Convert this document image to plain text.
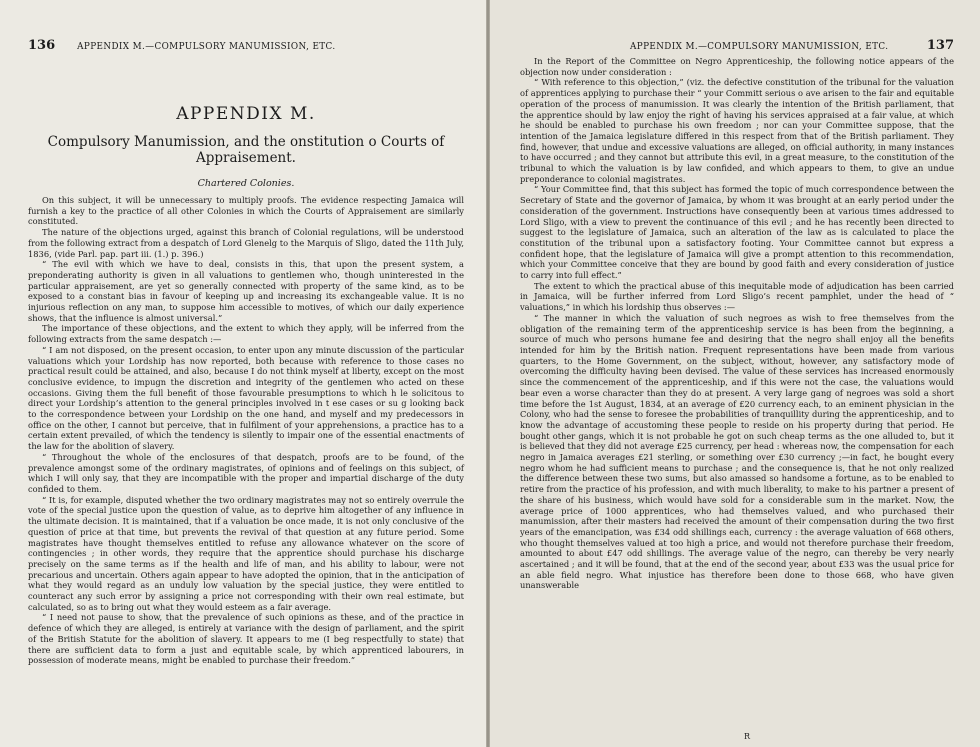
136	APPENDIX M.—COMPULSORY MANUMISSION, ETC.
APPENDIX M.
Compulsory Manumission, and the onstitution o Courts of Appraisement.
Chartered Colonies.

On this subject, it will be unnecessary to multiply proofs. The evidence respecting Jamaica will furnish a key to the practice of all other Colonies in which the Courts of Appraisement are similarly constituted.

The nature of the objections urged, against this branch of Colonial regulations, will be understood from the following extract from a despatch of Lord Glenelg to the Marquis of Sligo, dated the 11th July, 1836, (vide Parl. pap. part iii. (1.) p. 396.)

“ The evil with which we have to deal, consists in this, that upon the present system, a preponderating authority is given in all valuations to gentlemen who, though uninterested in the particular appraisement, are yet so generally connected with property of the same kind, as to be exposed to a constant bias in favour of keeping up and increasing its exchangeable value. It is no injurious reflection on any man, to suppose him accessible to motives, of which our daily experience shows, that the influence is almost universal.”

The importance of these objections, and the extent to which they apply, will be inferred from the following extracts from the same despatch :—

“ I am not disposed, on the present occasion, to enter upon any minute discussion of the particular valuations which your Lordship has now reported, both because with reference to those cases no practical result could be attained, and also, because I do not think myself at liberty, except on the most conclusive evidence, to impugn the discretion and integrity of the gentlemen who acted on these occasions. Giving them the full benefit of those favourable presumptions to which h le solicitous to direct your Lordship’s attention to the general principles involved in t ese cases or su g looking back to the correspondence between your Lordship on the one hand, and myself and my predecessors in office on the other, I cannot but perceive, that in fulfilment of your apprehensions, a practice has to a certain extent prevailed, of which the tendency is silently to impair one of the essential enactments of the law for the abolition of slavery.

“ Throughout the whole of the enclosures of that despatch, proofs are to be found, of the prevalence amongst some of the ordinary magistrates, of opinions and of feelings on this subject, of which I will only say, that they are incompatible with the proper and impartial discharge of the duty confided to them.

“ It is, for example, disputed whether the two ordinary magistrates may not so entirely overrule the vote of the special justice upon the question of value, as to deprive him altogether of any influence in the ultimate decision. It is maintained, that if a valuation be once made, it is not only conclusive of the question of price at that time, but prevents the revival of that question at any future period. Some magistrates have thought themselves entitled to refuse any allowance whatever on the score of contingencies ; in other words, they require that the apprentice should purchase his discharge precisely on the same terms as if the health and life of man, and his ability to labour, were not precarious and uncertain. Others again appear to have adopted the opinion, that in the anticipation of what they would regard as an unduly low valuation by the special justice, they were entitled to counteract any such error by assigning a price not corresponding with their own real estimate, but calculated, so as to bring out what they would esteem as a fair average.

“ I need not pause to show, that the prevalence of such opinions as these, and of the practice in defence of which they are alleged, is entirely at variance with the design of parliament, and the spirit of the British Statute for the abolition of slavery. It appears to me (I beg respectfully to state) that there are sufficient data to form a just and equitable scale, by which apprenticed labourers, in possession of moderate means, might be enabled to purchase their freedom.”

APPENDIX M.—COMPULSORY MANUMISSION, ETC.	137

In the Report of the Committee on Negro Apprenticeship, the following notice appears of the objection now under consideration :

“ With reference to this objection,” (viz. the defective constitution of the tribunal for the valuation of apprentices applying to purchase their “ your Committ serious o ave arisen to the fair and equitable operation of the process of manumission. It was clearly the intention of the British parliament, that the apprentice should by law enjoy the right of having his services appraised at a fair value, at which he should be enabled to purchase his own freedom ; nor can your Committee suppose, that the intention of the Jamaica legislature differed in this respect from that of the British parliament. They find, however, that undue and excessive valuations are alleged, on official authority, in many instances to have occurred ; and they cannot but attribute this evil, in a great measure, to the constitution of the tribunal to which the valuation is by law confided, and which appears to them, to give an undue preponderance to colonial magistrates.

“ Your Committee find, that this subject has formed the topic of much correspondence between the Secretary of State and the governor of Jamaica, by whom it was brought at an early period under the consideration of the government. Instructions have consequently been at various times addressed to Lord Sligo, with a view to prevent the continuance of this evil ; and he has recently been directed to suggest to the legislature of Jamaica, such an alteration of the law as is calculated to place the constitution of the tribunal upon a satisfactory footing. Your Committee cannot but express a confident hope, that the legislature of Jamaica will give a prompt attention to this recommendation, which your Committee conceive that they are bound by good faith and every consideration of justice to carry into full effect.”

The extent to which the practical abuse of this inequitable mode of adjudication has been carried in Jamaica, will be further inferred from Lord Sligo’s recent pamphlet, under the head of “ valuations,” in which his lordship thus observes :—

“ The manner in which the valuation of such negroes as wish to free themselves from the obligation of the remaining term of the apprenticeship service is has been from the beginning, a source of much who persons humane fee and desiring that the negro shall enjoy all the benefits intended for him by the British nation. Frequent representations have been made from various quarters, to the Home Government, on the subject, without, however, any satisfactory mode of overcoming the difficulty having been devised. The value of these services has increased enormously since the commencement of the apprenticeship, and if this were not the case, the valuations would bear even a worse character than they do at present. A very large gang of negroes was sold a short time before the 1st August, 1834, at an average of £20 currency each, to an eminent physician in the Colony, who had the sense to foresee the probabilities of tranquillity during the apprenticeship, and to know the advantage of accustoming these people to reside on his property during that period. He bought other gangs, which it is not probable he got on such cheap terms as the one alluded to, but it is believed that they did not average £25 currency, per head : whereas now, the compensation for each negro in Jamaica averages £21 sterling, or something over £30 currency ;—in fact, he bought every negro whom he had sufficient means to purchase ; and the consequence is, that he not only realized the difference between these two sums, but also amassed so handsome a fortune, as to be enabled to retire from the practice of his profession, and with much liberality, to make to his partner a present of the share of his business, which would have sold for a considerable sum in the market. Now, the average price of 1000 apprentices, who had themselves valued, and who purchased their manumission, after their masters had received the amount of their compensation during the two first years of the emancipation, was £34 odd shillings each, currency : the average valuation of 668 others, who thought themselves valued at too high a price, and would not therefore purchase their freedom, amounted to about £47 odd shillings. The average value of the negro, can thereby be very nearly ascertained ; and it will be found, that at the end of the second year, about £33 was the usual price for an able field negro. What injustice has therefore been done to those 668, who have given unanswerable

R
